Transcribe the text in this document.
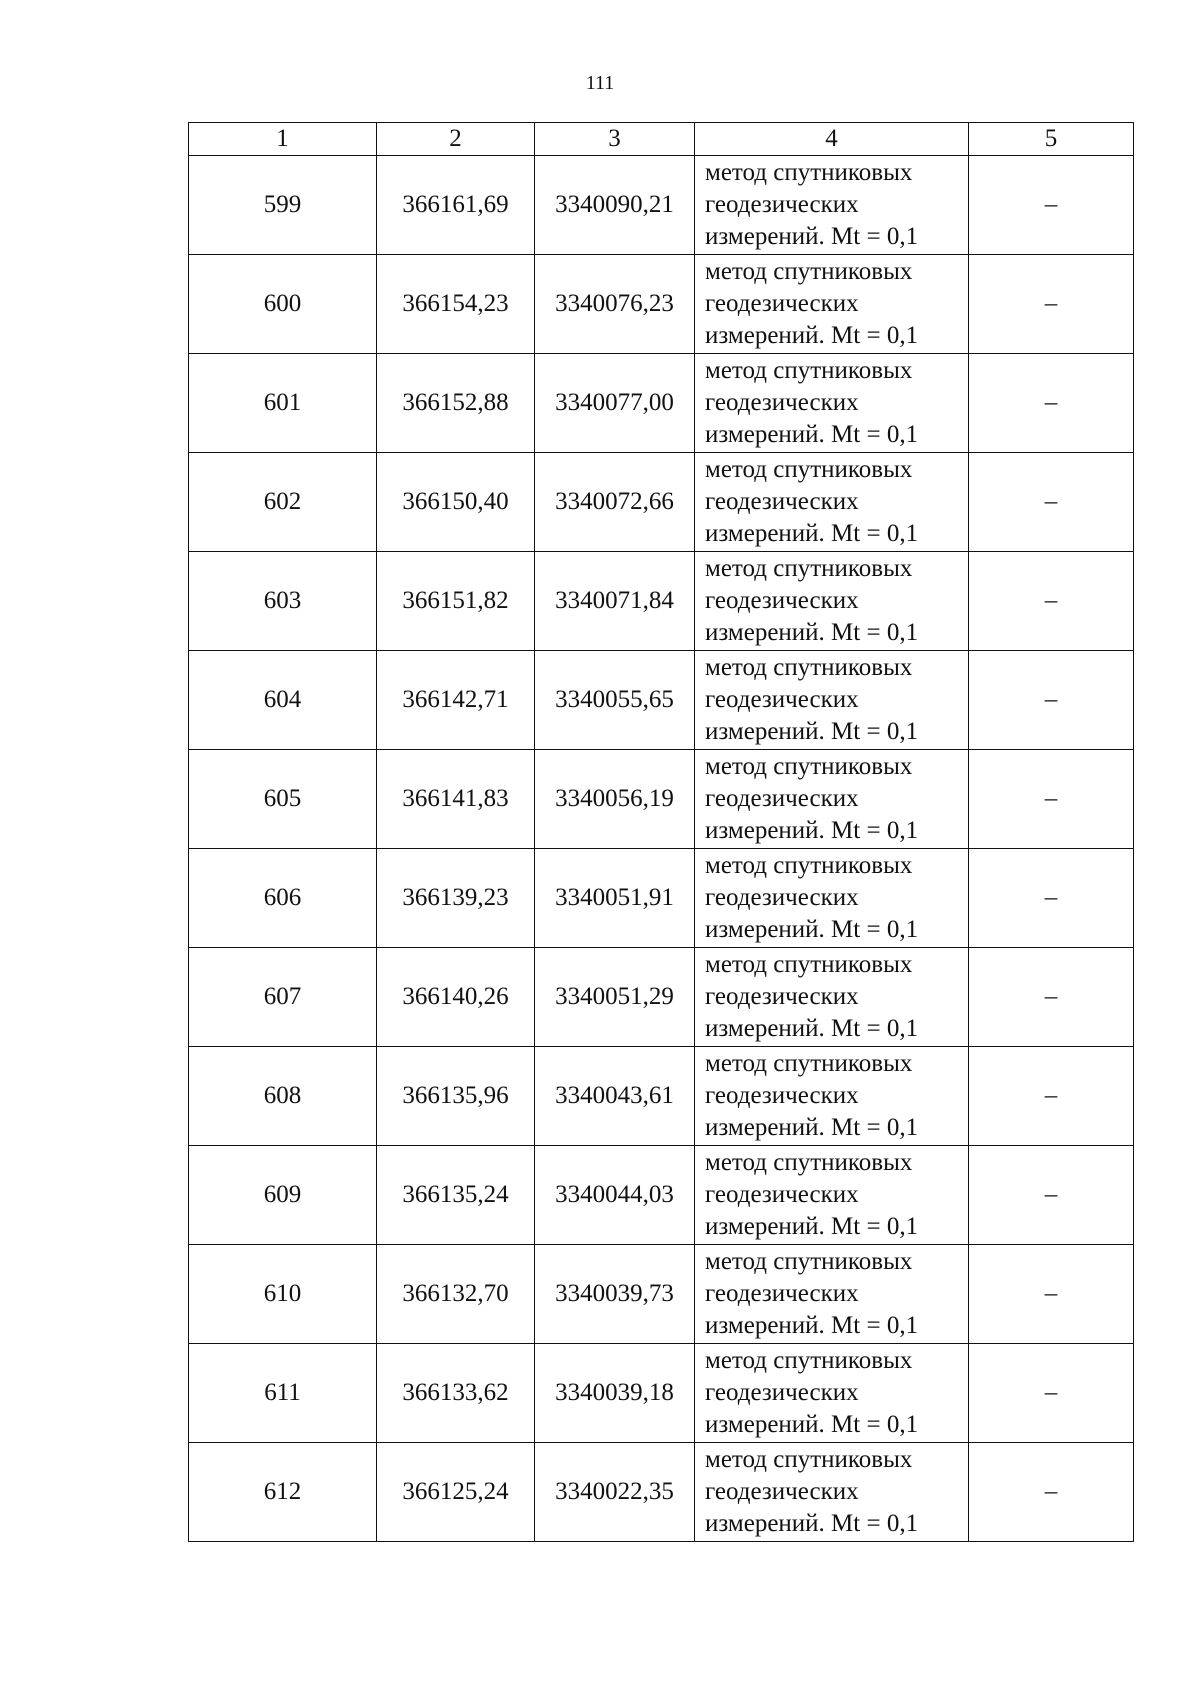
111
1	2	3	4	5
599	366161,69	3340090,21	метод спутниковых
геодезических
измерений. Mt = 0,1	–
600	366154,23	3340076,23	метод спутниковых
геодезических
измерений. Mt = 0,1	–
601	366152,88	3340077,00	метод спутниковых
геодезических
измерений. Mt = 0,1	–
602	366150,40	3340072,66	метод спутниковых
геодезических
измерений. Mt = 0,1	–
603	366151,82	3340071,84	метод спутниковых
геодезических
измерений. Mt = 0,1	–
604	366142,71	3340055,65	метод спутниковых
геодезических
измерений. Mt = 0,1	–
605	366141,83	3340056,19	метод спутниковых
геодезических
измерений. Mt = 0,1	–
606	366139,23	3340051,91	метод спутниковых
геодезических
измерений. Mt = 0,1	–
607	366140,26	3340051,29	метод спутниковых
геодезических
измерений. Mt = 0,1	–
608	366135,96	3340043,61	метод спутниковых
геодезических
измерений. Mt = 0,1	–
609	366135,24	3340044,03	метод спутниковых
геодезических
измерений. Mt = 0,1	–
610	366132,70	3340039,73	метод спутниковых
геодезических
измерений. Mt = 0,1	–
611	366133,62	3340039,18	метод спутниковых
геодезических
измерений. Mt = 0,1	–
612	366125,24	3340022,35	метод спутниковых
геодезических
измерений. Mt = 0,1	–
